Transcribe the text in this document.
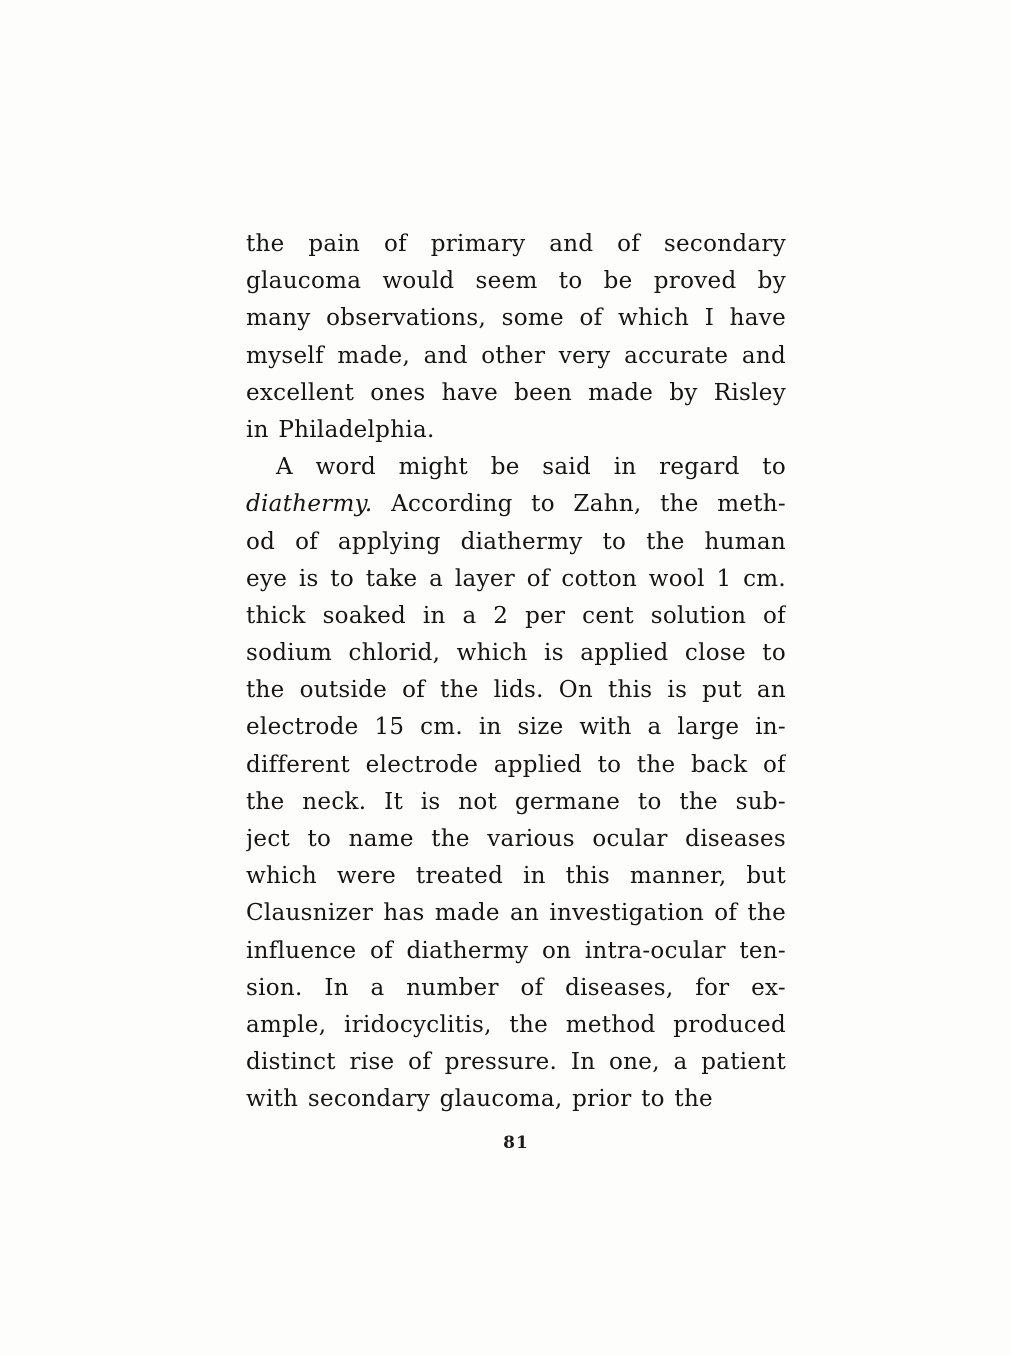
the pain of primary and of secondary
glaucoma would seem to be proved by
many observations, some of which I have
myself made, and other very accurate and
excellent ones have been made by Risley
in Philadelphia.
A word might be said in regard to
diathermy. According to Zahn, the meth-
od of applying diathermy to the human
eye is to take a layer of cotton wool 1 cm.
thick soaked in a 2 per cent solution of
sodium chlorid, which is applied close to
the outside of the lids. On this is put an
electrode 15 cm. in size with a large in-
different electrode applied to the back of
the neck. It is not germane to the sub-
ject to name the various ocular diseases
which were treated in this manner, but
Clausnizer has made an investigation of the
influence of diathermy on intra-ocular ten-
sion. In a number of diseases, for ex-
ample, iridocyclitis, the method produced
distinct rise of pressure. In one, a patient
with secondary glaucoma, prior to the
81
